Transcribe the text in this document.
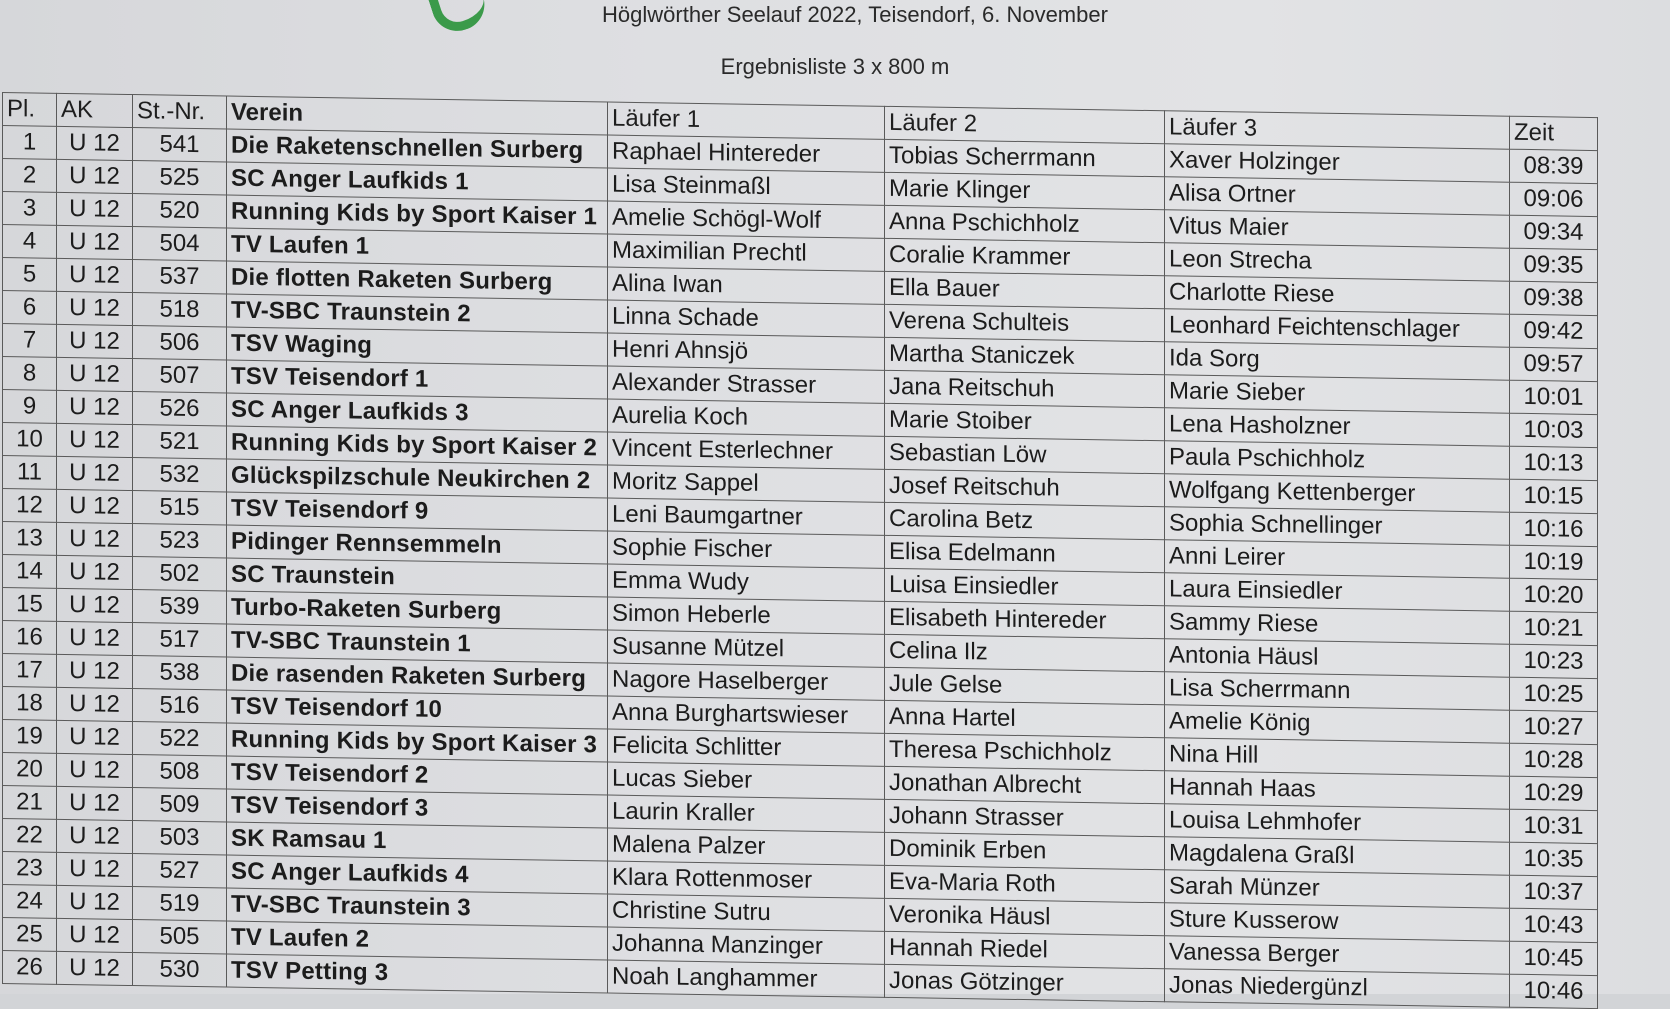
Höglwörther Seelauf 2022, Teisendorf, 6. November
Ergebnisliste 3 x 800 m
Pl.	AK	St.-Nr.	Verein	Läufer 1	Läufer 2	Läufer 3	Zeit
1	U 12	541	Die Raketenschnellen Surberg	Raphael Hintereder	Tobias Scherrmann	Xaver Holzinger	08:39
2	U 12	525	SC Anger Laufkids 1	Lisa Steinmaßl	Marie Klinger	Alisa Ortner	09:06
3	U 12	520	Running Kids by Sport Kaiser 1	Amelie Schögl-Wolf	Anna Pschichholz	Vitus Maier	09:34
4	U 12	504	TV Laufen 1	Maximilian Prechtl	Coralie Krammer	Leon Strecha	09:35
5	U 12	537	Die flotten Raketen Surberg	Alina Iwan	Ella Bauer	Charlotte Riese	09:38
6	U 12	518	TV-SBC Traunstein 2	Linna Schade	Verena Schulteis	Leonhard Feichtenschlager	09:42
7	U 12	506	TSV Waging	Henri Ahnsjö	Martha Staniczek	Ida Sorg	09:57
8	U 12	507	TSV Teisendorf 1	Alexander Strasser	Jana Reitschuh	Marie Sieber	10:01
9	U 12	526	SC Anger Laufkids 3	Aurelia Koch	Marie Stoiber	Lena Hasholzner	10:03
10	U 12	521	Running Kids by Sport Kaiser 2	Vincent Esterlechner	Sebastian Löw	Paula Pschichholz	10:13
11	U 12	532	Glückspilzschule Neukirchen 2	Moritz Sappel	Josef Reitschuh	Wolfgang Kettenberger	10:15
12	U 12	515	TSV Teisendorf 9	Leni Baumgartner	Carolina Betz	Sophia Schnellinger	10:16
13	U 12	523	Pidinger Rennsemmeln	Sophie Fischer	Elisa Edelmann	Anni Leirer	10:19
14	U 12	502	SC Traunstein	Emma Wudy	Luisa Einsiedler	Laura Einsiedler	10:20
15	U 12	539	Turbo-Raketen Surberg	Simon Heberle	Elisabeth Hintereder	Sammy Riese	10:21
16	U 12	517	TV-SBC Traunstein 1	Susanne Mützel	Celina Ilz	Antonia Häusl	10:23
17	U 12	538	Die rasenden Raketen Surberg	Nagore Haselberger	Jule Gelse	Lisa Scherrmann	10:25
18	U 12	516	TSV Teisendorf 10	Anna Burghartswieser	Anna Hartel	Amelie König	10:27
19	U 12	522	Running Kids by Sport Kaiser 3	Felicita Schlitter	Theresa Pschichholz	Nina Hill	10:28
20	U 12	508	TSV Teisendorf 2	Lucas Sieber	Jonathan Albrecht	Hannah Haas	10:29
21	U 12	509	TSV Teisendorf 3	Laurin Kraller	Johann Strasser	Louisa Lehmhofer	10:31
22	U 12	503	SK Ramsau 1	Malena Palzer	Dominik Erben	Magdalena Graßl	10:35
23	U 12	527	SC Anger Laufkids 4	Klara Rottenmoser	Eva-Maria Roth	Sarah Münzer	10:37
24	U 12	519	TV-SBC Traunstein 3	Christine Sutru	Veronika Häusl	Sture Kusserow	10:43
25	U 12	505	TV Laufen 2	Johanna Manzinger	Hannah Riedel	Vanessa Berger	10:45
26	U 12	530	TSV Petting 3	Noah Langhammer	Jonas Götzinger	Jonas Niedergünzl	10:46
